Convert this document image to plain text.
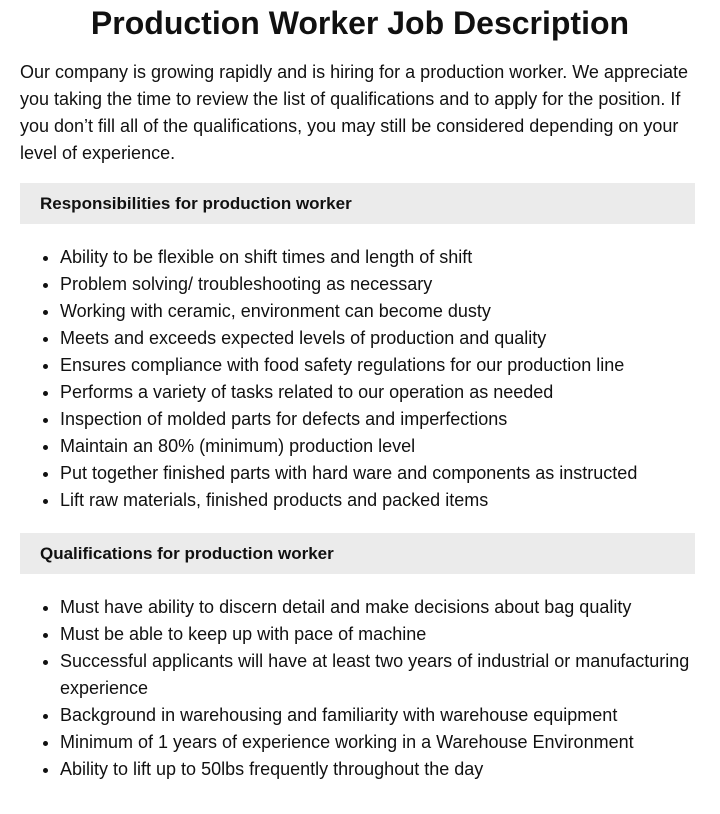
Production Worker Job Description

Our company is growing rapidly and is hiring for a production worker. We appreciate you taking the time to review the list of qualifications and to apply for the position. If you don’t fill all of the qualifications, you may still be considered depending on your level of experience.

Responsibilities for production worker
• Ability to be flexible on shift times and length of shift
• Problem solving/ troubleshooting as necessary
• Working with ceramic, environment can become dusty
• Meets and exceeds expected levels of production and quality
• Ensures compliance with food safety regulations for our production line
• Performs a variety of tasks related to our operation as needed
• Inspection of molded parts for defects and imperfections
• Maintain an 80% (minimum) production level
• Put together finished parts with hard ware and components as instructed
• Lift raw materials, finished products and packed items
Qualifications for production worker
• Must have ability to discern detail and make decisions about bag quality
• Must be able to keep up with pace of machine
• Successful applicants will have at least two years of industrial or manufacturing experience
• Background in warehousing and familiarity with warehouse equipment
• Minimum of 1 years of experience working in a Warehouse Environment
• Ability to lift up to 50lbs frequently throughout the day
